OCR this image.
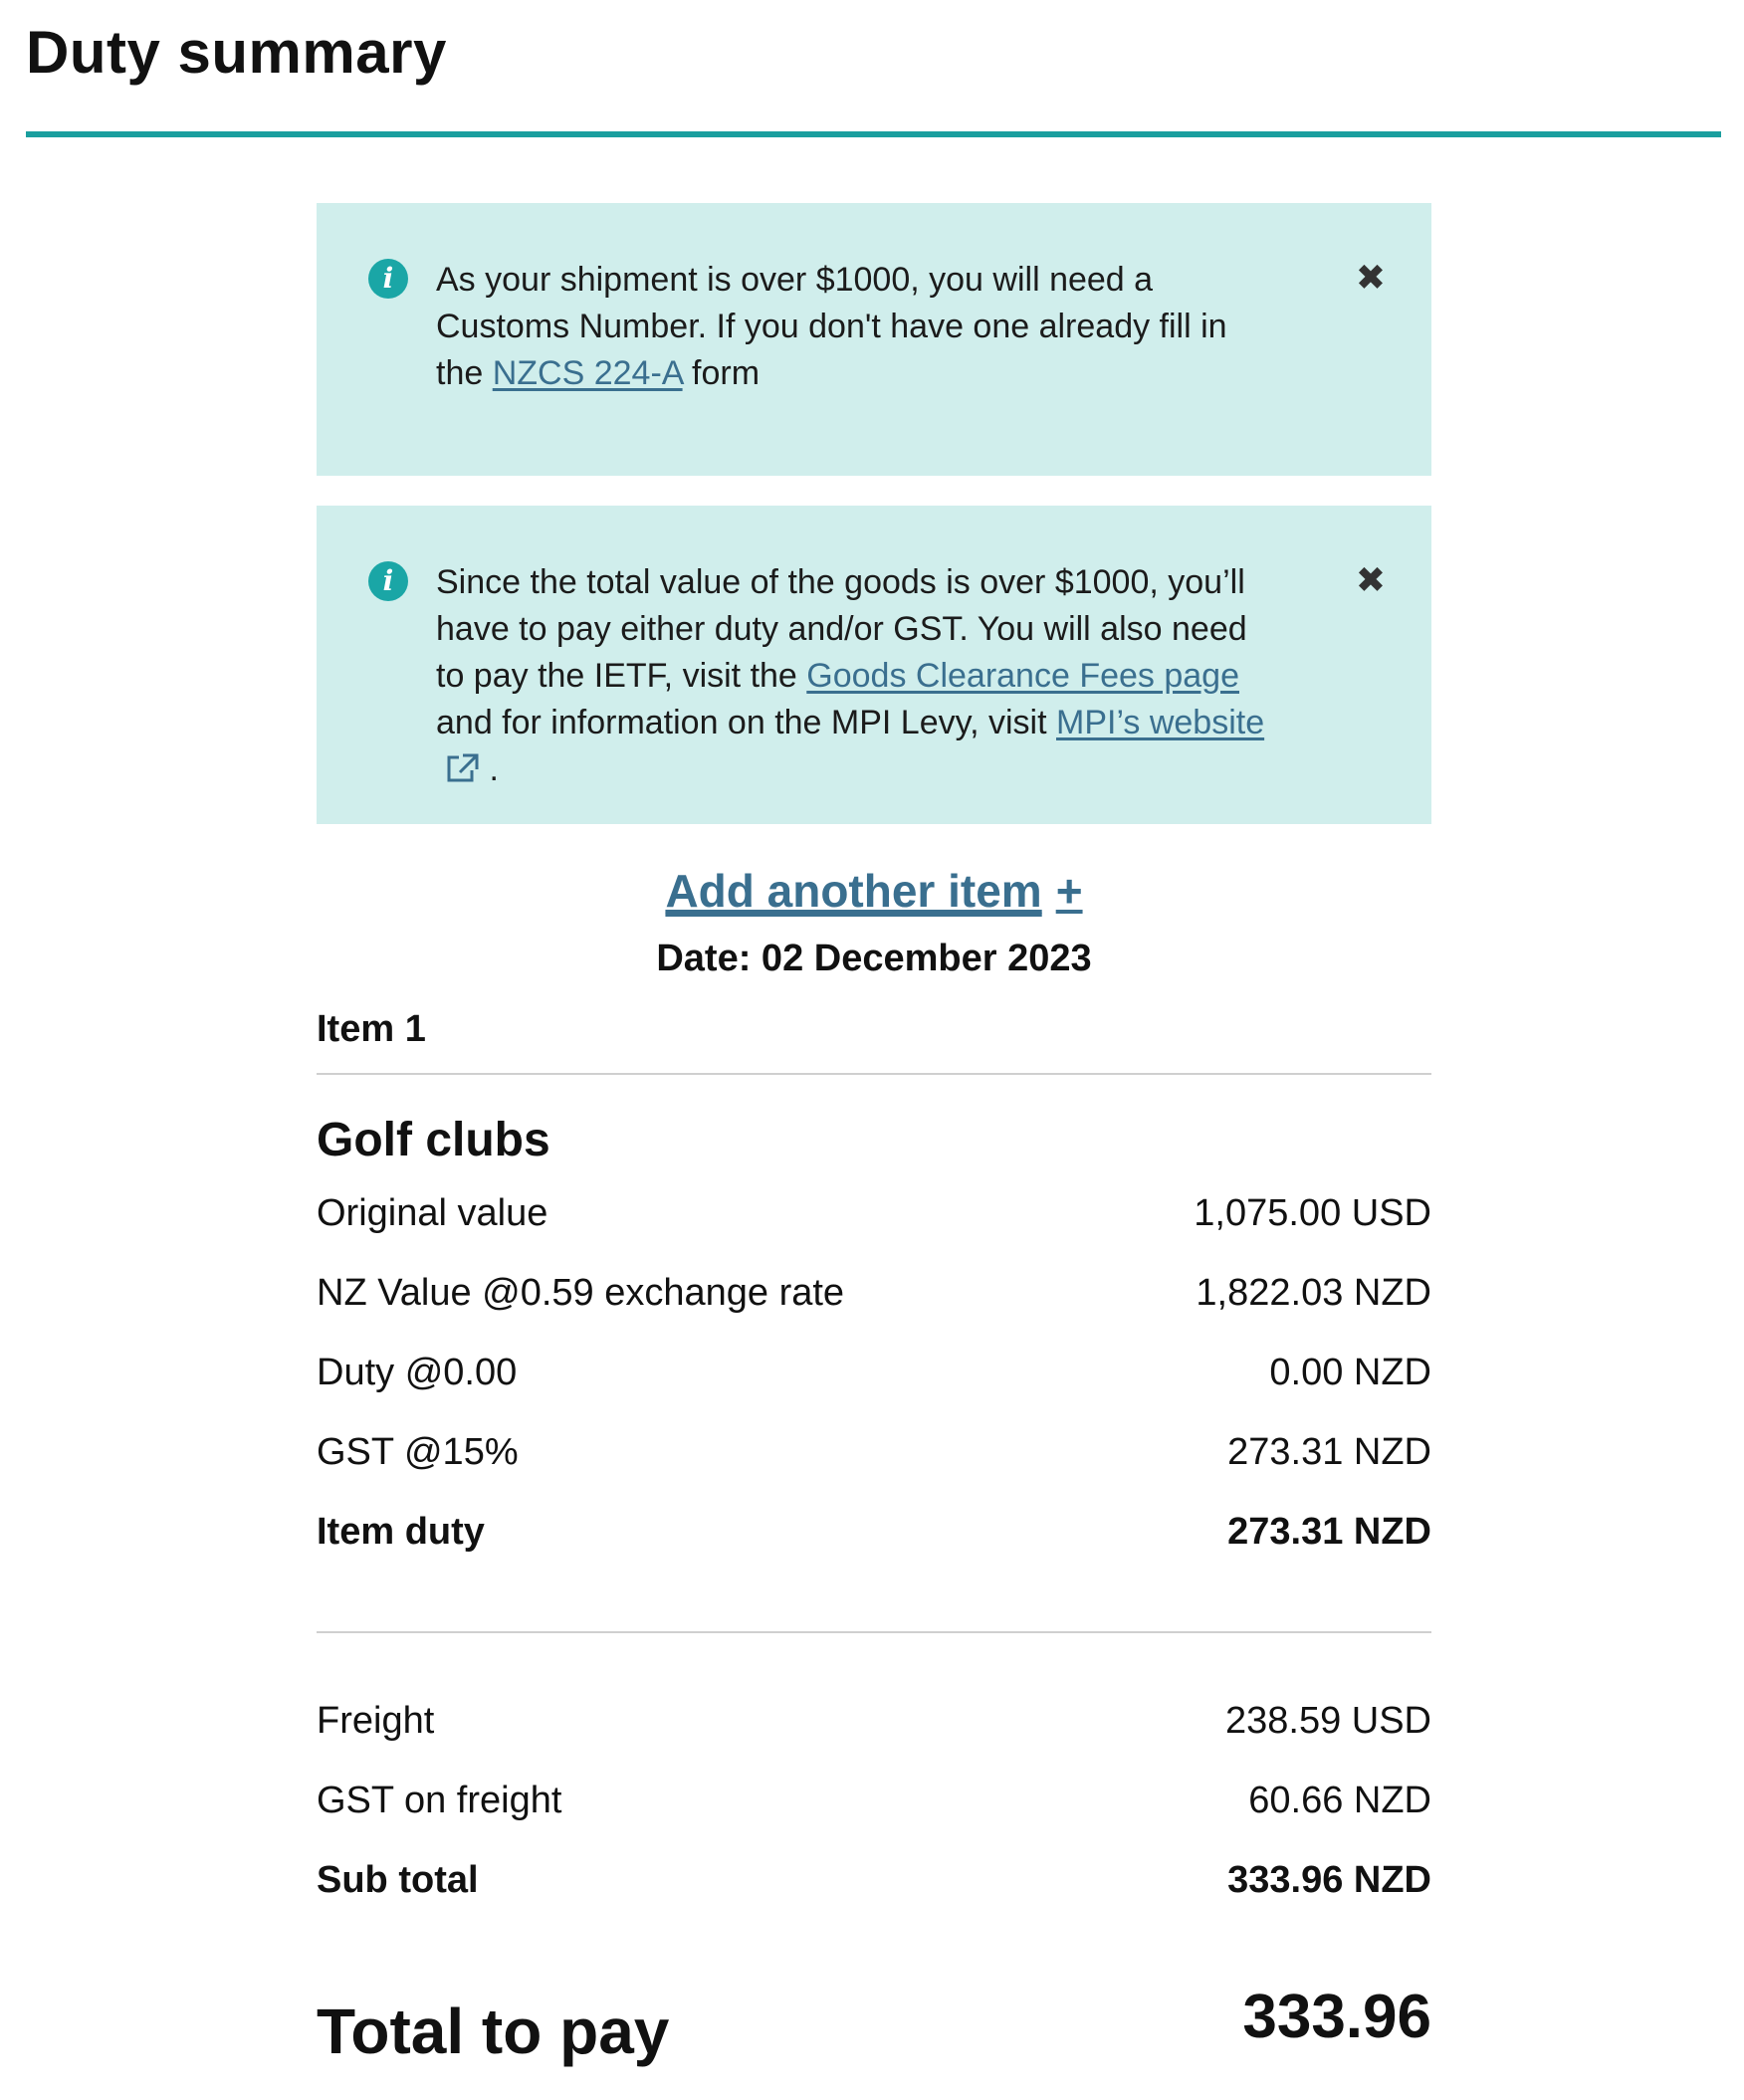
Duty summary
i	As your shipment is over $1000, you will need a Customs Number. If you don't have one already fill in the NZCS 224-A form

✖
i	Since the total value of the goods is over $1000, you’ll have to pay either duty and/or GST. You will also need to pay the IETF, visit the Goods Clearance Fees page and for information on the MPI Levy, visit MPI’s website .

✖
Add another item +
Date: 02 December 2023
Item 1
Golf clubs
Original value	1,075.00 USD
NZ Value @0.59 exchange rate	1,822.03 NZD
Duty @0.00	0.00 NZD
GST @15%	273.31 NZD
Item duty	273.31 NZD
Freight	238.59 USD
GST on freight	60.66 NZD
Sub total	333.96 NZD
Total to pay	333.96
